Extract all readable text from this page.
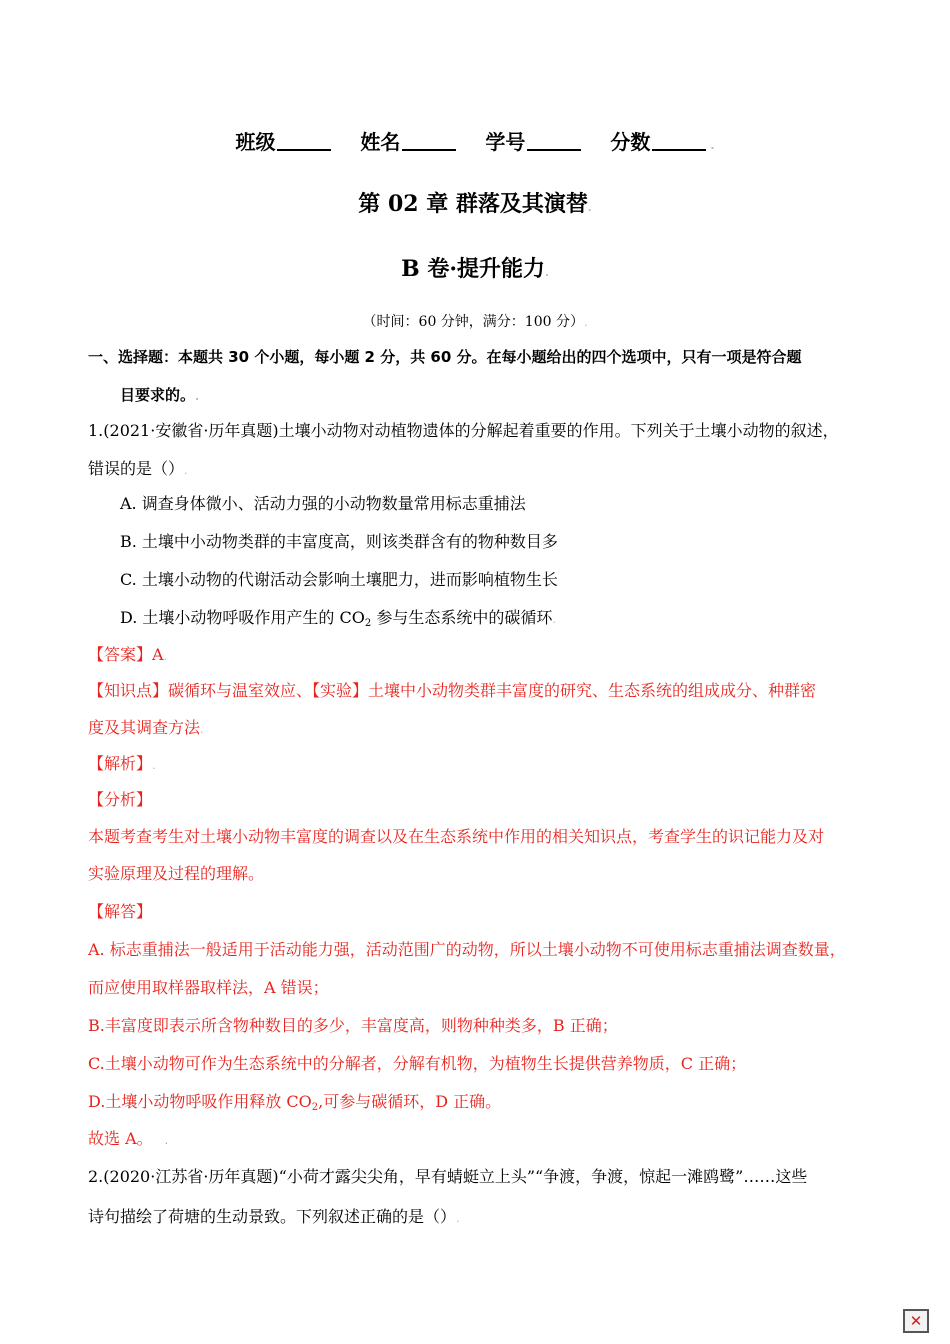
班级	姓名	学号	分数	.
第 02 章 群落及其演替.
B 卷·提升能力.
（时间：60 分钟，满分：100 分）.
一、选择题：本题共 30 个小题，每小题 2 分，共 60 分。在每小题给出的四个选项中，只有一项是符合题
目要求的。.
1.(2021·安徽省·历年真题)土壤小动物对动植物遗体的分解起着重要的作用。下列关于土壤小动物的叙述，
错误的是（）.
A. 调查身体微小、活动力强的小动物数量常用标志重捕法
B. 土壤中小动物类群的丰富度高，则该类群含有的物种数目多
C. 土壤小动物的代谢活动会影响土壤肥力，进而影响植物生长
D. 土壤小动物呼吸作用产生的 $CO_2$ 参与生态系统中的碳循环.
【答案】A.
【知识点】碳循环与温室效应、【实验】土壤中小动物类群丰富度的研究、生态系统的组成成分、种群密
度及其调查方法.
【解析】.
【分析】
本题考查考生对土壤小动物丰富度的调查以及在生态系统中作用的相关知识点，考查学生的识记能力及对
实验原理及过程的理解。
【解答】
A. 标志重捕法一般适用于活动能力强，活动范围广的动物，所以土壤小动物不可使用标志重捕法调查数量，
而应使用取样器取样法，A 错误；
B.丰富度即表示所含物种数目的多少，丰富度高，则物种种类多，B 正确；
C.土壤小动物可作为生态系统中的分解者，分解有机物，为植物生长提供营养物质，C 正确；
D.土壤小动物呼吸作用释放 $CO_2$,可参与碳循环，D 正确。
故选 A。 .
2.(2020·江苏省·历年真题)“小荷才露尖尖角，早有蜻蜓立上头”“争渡，争渡，惊起一滩鸥鹭”……这些
诗句描绘了荷塘的生动景致。下列叙述正确的是（）.
✕
